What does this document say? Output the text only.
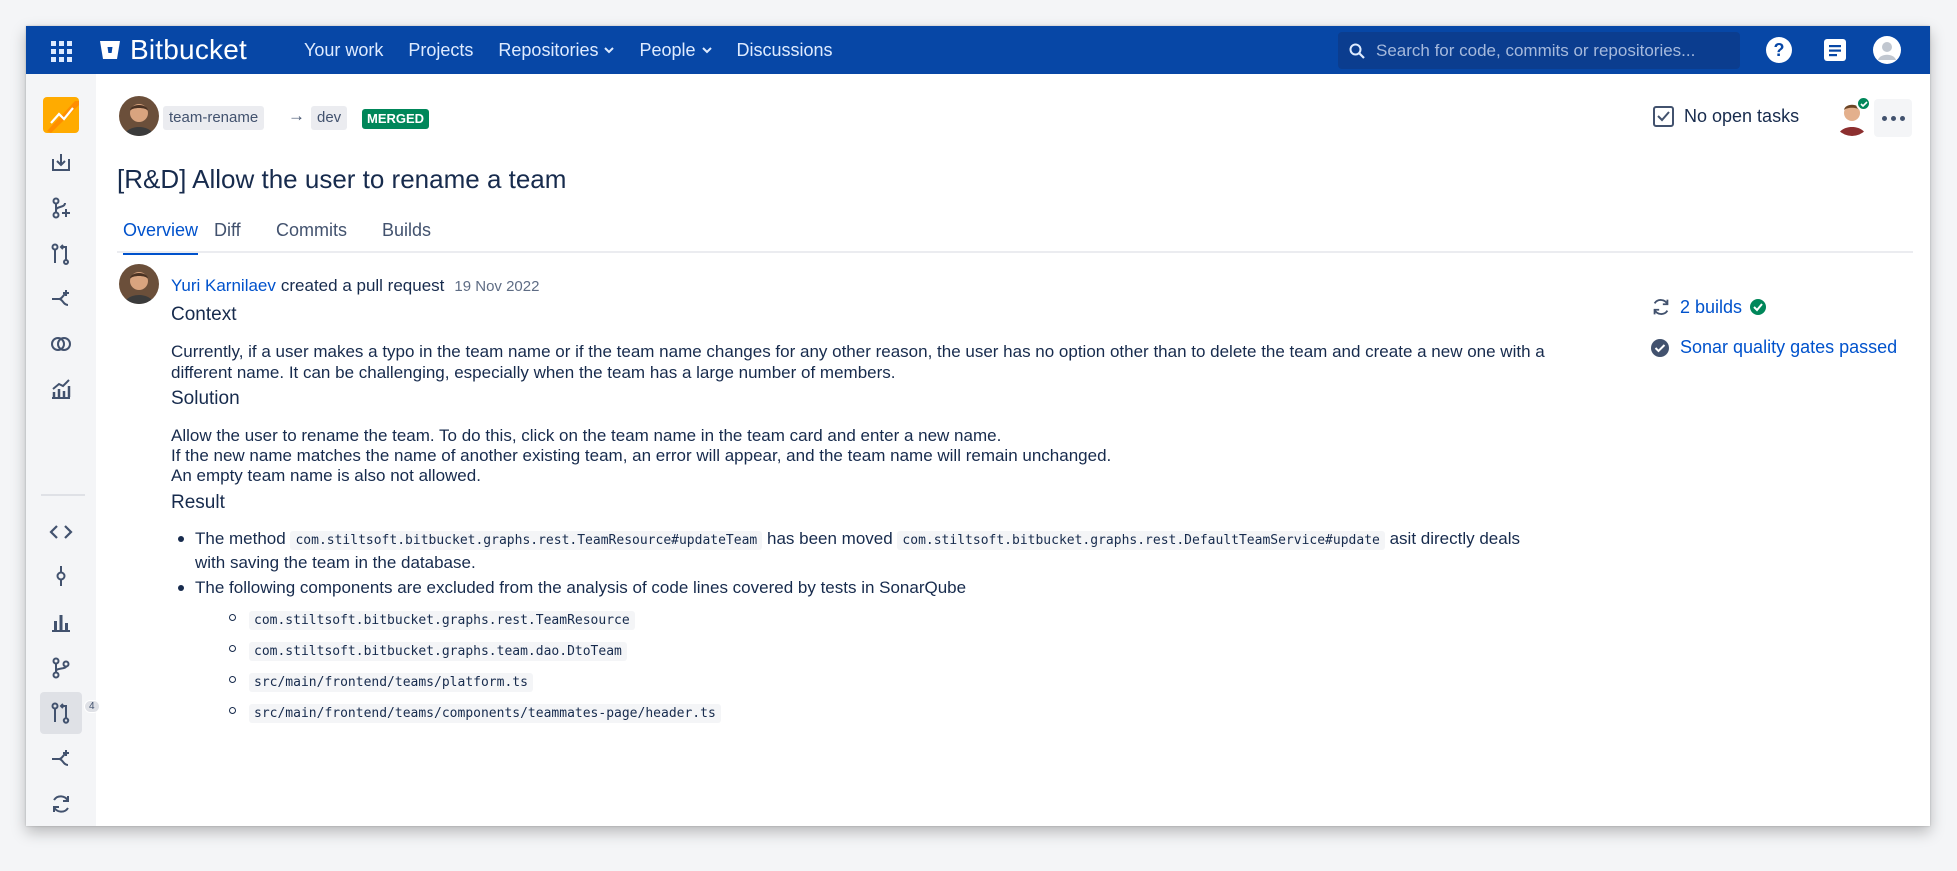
Bitbucket	Your work Projects Repositories People Discussions
Search for code, commits or repositories...	?
4
team-rename	→ dev	MERGED	No open tasks
[R&D] Allow the user to rename a team
Overview Diff Commits Builds
Yuri Karnilaev created a pull request 19 Nov 2022
Context
Currently, if a user makes a typo in the team name or if the team name changes for any other reason, the user has no option other than to delete the team and create a new one with a
different name. It can be challenging, especially when the team has a large number of members.
Solution
Allow the user to rename the team. To do this, click on the team name in the team card and enter a new name.
If the new name matches the name of another existing team, an error will appear, and the team name will remain unchanged.
An empty team name is also not allowed.
Result
The method com.stiltsoft.bitbucket.graphs.rest.TeamResource#updateTeam has been moved com.stiltsoft.bitbucket.graphs.rest.DefaultTeamService#update asit directly deals
with saving the team in the database.
The following components are excluded from the analysis of code lines covered by tests in SonarQube
com.stiltsoft.bitbucket.graphs.rest.TeamResource
com.stiltsoft.bitbucket.graphs.team.dao.DtoTeam
src/main/frontend/teams/platform.ts
src/main/frontend/teams/components/teammates-page/header.ts
2 builds
Sonar quality gates passed
